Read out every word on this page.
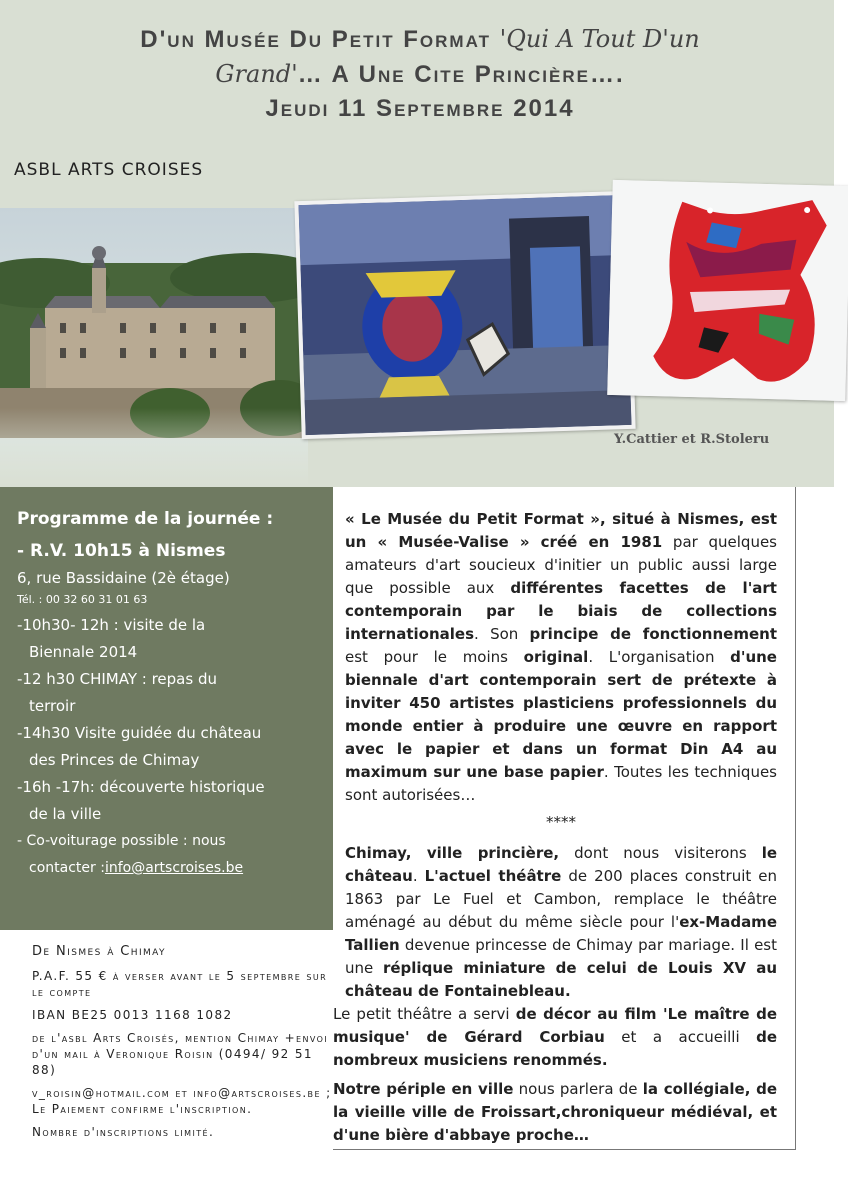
D'un Musée Du Petit Format 'Qui A Tout D'un
Grand'… A Une Cite Princière….
Jeudi 11 Septembre 2014
ASBL ARTS CROISES
Y.Cattier et R.Stoleru
Programme de la journée :
- R.V. 10h15 à Nismes
6, rue Bassidaine (2è étage)
Tél. : 00 32 60 31 01 63
-10h30- 12h : visite de la
Biennale 2014
-12 h30 CHIMAY : repas du
terroir
-14h30 Visite guidée du château
des Princes de Chimay
-16h -17h: découverte historique
de la ville
- Co-voiturage possible : nous
contacter :info@artscroises.be
De Nismes à Chimay

P.A.F. 55 € à verser avant le 5 septembre sur le compte

IBAN BE25 0013 1168 1082

de l'asbl Arts Croisés, mention Chimay +envoi d'un mail à Veronique Roisin (0494/ 92 51 88)

v_roisin@hotmail.com et info@artscroises.be ; Le Paiement confirme l'inscription.

Nombre d'inscriptions limité.

« Le Musée du Petit Format », situé à Nismes, est un « Musée-Valise » créé en 1981 par quelques amateurs d'art soucieux d'initier un public aussi large que possible aux différentes facettes de l'art contemporain par le biais de collections internationales. Son principe de fonctionnement est pour le moins original. L'organisation d'une biennale d'art contemporain sert de prétexte à inviter 450 artistes plasticiens professionnels du monde entier à produire une œuvre en rapport avec le papier et dans un format Din A4 au maximum sur une base papier. Toutes les techniques sont autorisées…

****

Chimay, ville princière, dont nous visiterons le château. L'actuel théâtre de 200 places construit en 1863 par Le Fuel et Cambon, remplace le théâtre aménagé au début du même siècle pour l'ex-Madame Tallien devenue princesse de Chimay par mariage. Il est une réplique miniature de celui de Louis XV au château de Fontainebleau.

Le petit théâtre a servi de décor au film 'Le maître de musique' de Gérard Corbiau et a accueilli de nombreux musiciens renommés.

Notre périple en ville nous parlera de la collégiale, de la vieille ville de Froissart,chroniqueur médiéval, et d'une bière d'abbaye proche…
